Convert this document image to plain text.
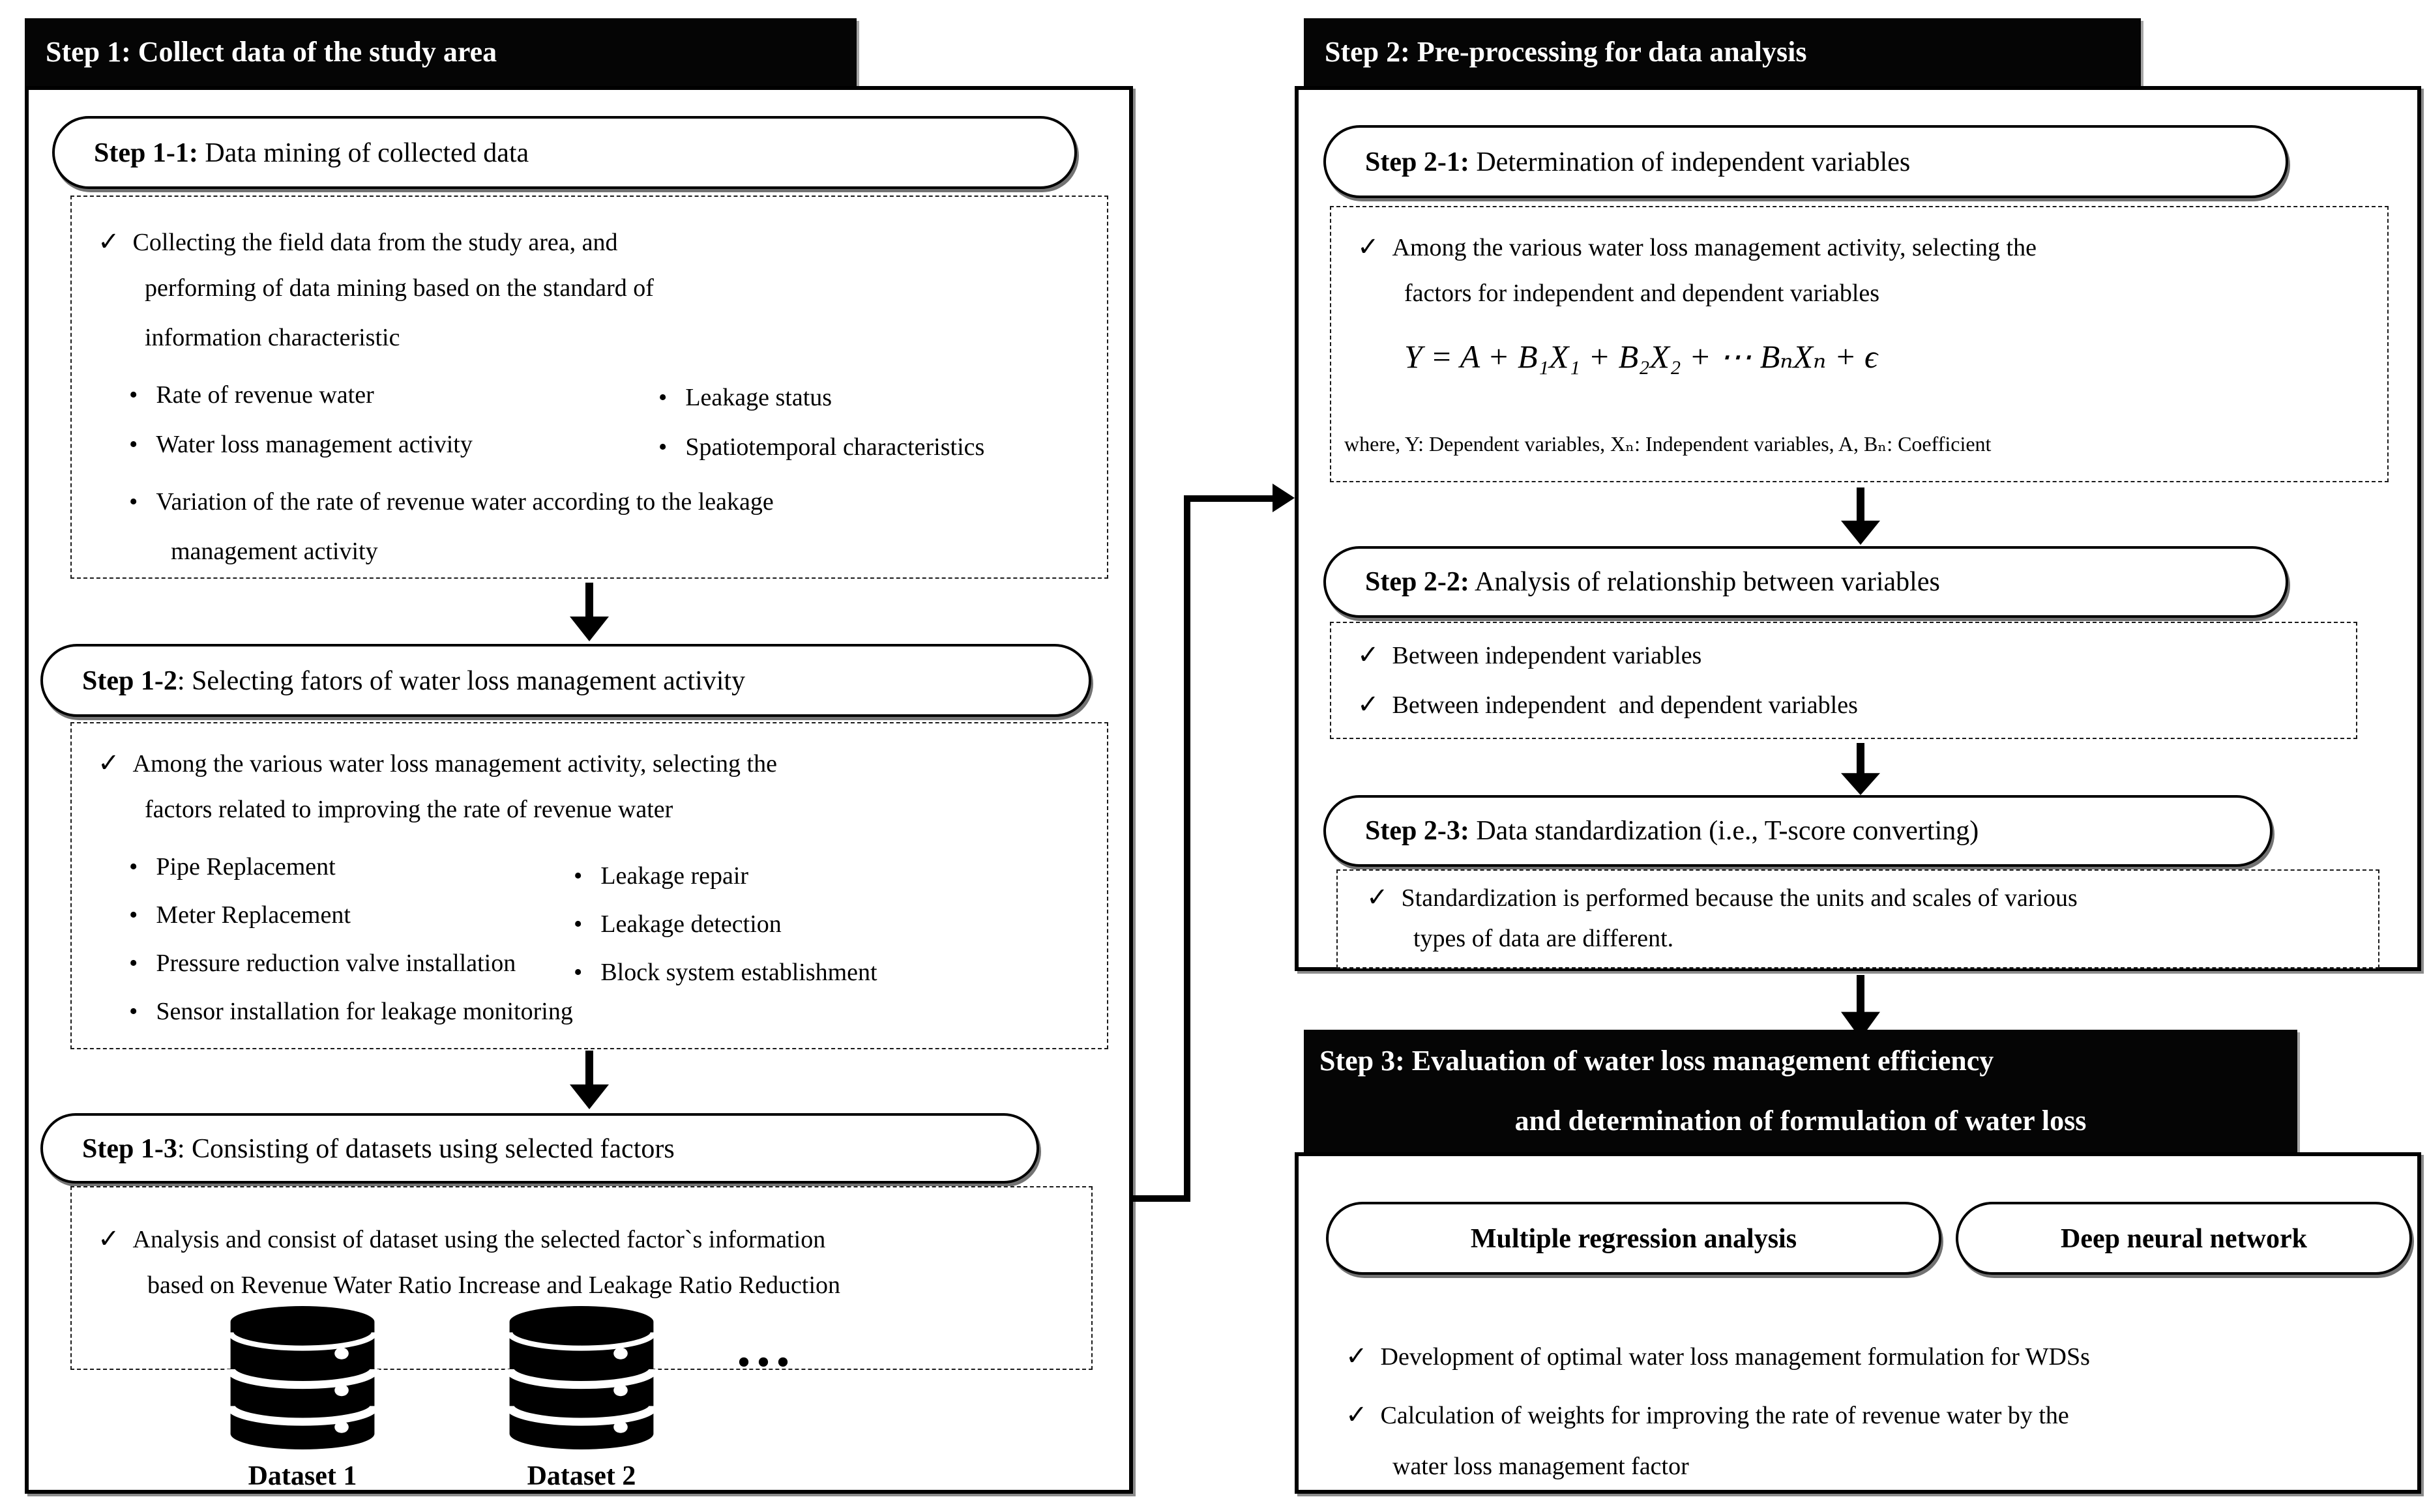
Step 1: Collect data of the study area
Step 1-1: Data mining of collected data
✓ Collecting the field data from the study area, and
performing of data mining based on the standard of
information characteristic
• Rate of revenue water
• Water loss management activity
• Leakage status
• Spatiotemporal characteristics
• Variation of the rate of revenue water according to the leakage
management activity
Step 1-2: Selecting fators of water loss management activity
✓ Among the various water loss management activity, selecting the
factors related to improving the rate of revenue water
• Pipe Replacement
• Meter Replacement
• Pressure reduction valve installation
• Sensor installation for leakage monitoring
• Leakage repair
• Leakage detection
• Block system establishment
Step 1-3: Consisting of datasets using selected factors
✓ Analysis and consist of dataset using the selected factor`s information
based on Revenue Water Ratio Increase and Leakage Ratio Reduction
Dataset 1	Dataset 2
...
Step 2: Pre-processing for data analysis
Step 2-1: Determination of independent variables
✓ Among the various water loss management activity, selecting the
factors for independent and dependent variables
Y = A + B₁X₁ + B₂X₂ + ⋯ BₙXₙ + ϵ
where, Y: Dependent variables, Xₙ: Independent variables, A, Bₙ: Coefficient
Step 2-2: Analysis of relationship between variables
✓ Between independent variables
✓ Between independent  and dependent variables
Step 2-3: Data standardization (i.e., T-score converting)
✓ Standardization is performed because the units and scales of various
types of data are different.
Step 3: Evaluation of water loss management efficiency
and determination of formulation of water loss
Multiple regression analysis	Deep neural network
✓ Development of optimal water loss management formulation for WDSs
✓ Calculation of weights for improving the rate of revenue water by the
water loss management factor
